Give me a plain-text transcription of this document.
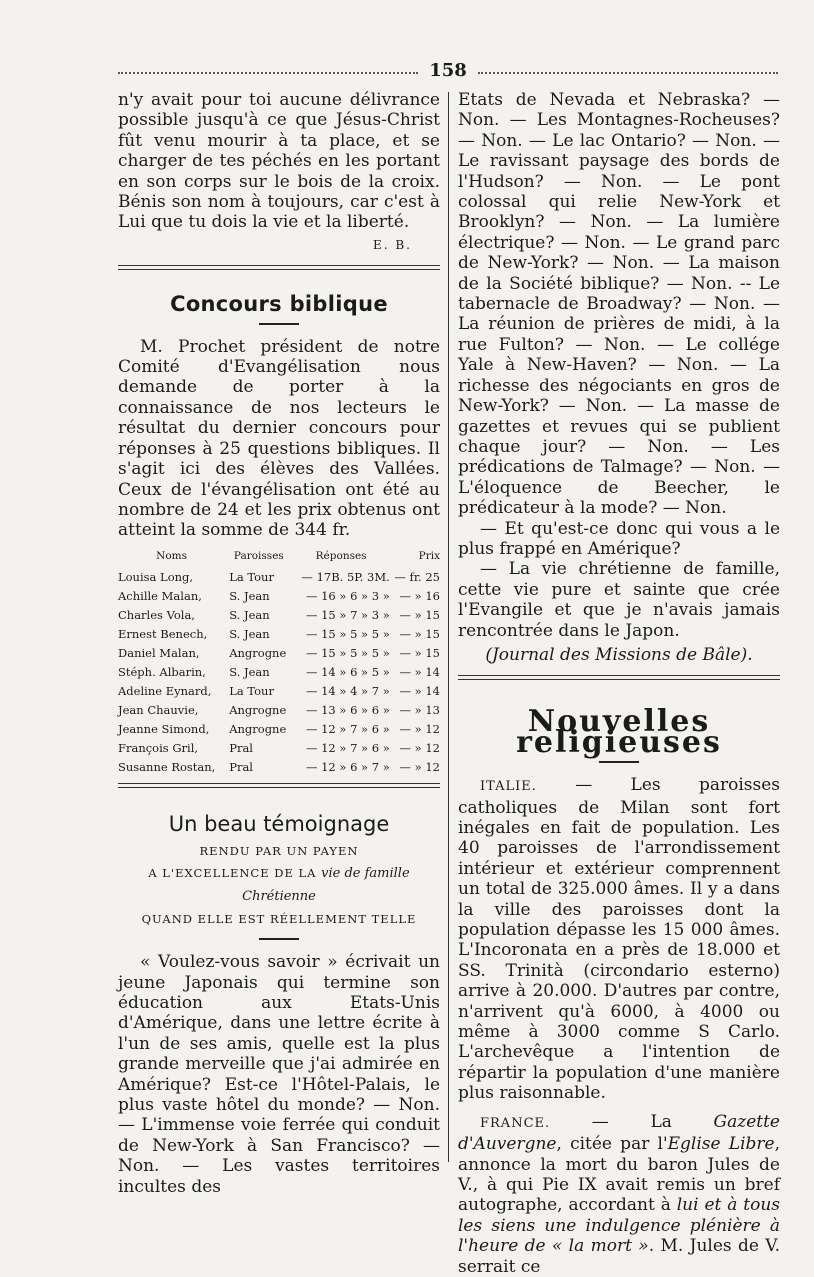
158

n'y avait pour toi aucune délivrance possible jusqu'à ce que Jésus-Christ fût venu mourir à ta place, et se charger de tes péchés en les portant en son corps sur le bois de la croix. Bénis son nom à toujours, car c'est à Lui que tu dois la vie et la liberté.

E. B.
Concours biblique

M. Prochet président de notre Comité d'Evangélisation nous demande de porter à la connaissance de nos lecteurs le résultat du dernier concours pour réponses à 25 questions bibliques. Il s'agit ici des élèves des Vallées. Ceux de l'évangélisation ont été au nombre de 24 et les prix obtenus ont atteint la somme de 344 fr.

Noms	Paroisses	Réponses	Prix
Louisa Long,	La Tour	— 17B. 5P. 3M.	— fr. 25
Achille Malan,	S. Jean	— 16 » 6 » 3 »	— » 16
Charles Vola,	S. Jean	— 15 » 7 » 3 »	— » 15
Ernest Benech,	S. Jean	— 15 » 5 » 5 »	— » 15
Daniel Malan,	Angrogne	— 15 » 5 » 5 »	— » 15
Stéph. Albarin,	S. Jean	— 14 » 6 » 5 »	— » 14
Adeline Eynard,	La Tour	— 14 » 4 » 7 »	— » 14
Jean Chauvie,	Angrogne	— 13 » 6 » 6 »	— » 13
Jeanne Simond,	Angrogne	— 12 » 7 » 6 »	— » 12
François Gril,	Pral	— 12 » 7 » 6 »	— » 12
Susanne Rostan,	Pral	— 12 » 6 » 7 »	— » 12
Un beau témoignage
RENDU PAR UN PAYEN
A L'EXCELLENCE DE LA vie de famille Chrétienne
QUAND ELLE EST RÉELLEMENT TELLE

« Voulez-vous savoir » écrivait un jeune Japonais qui termine son éducation aux Etats-Unis d'Amérique, dans une lettre écrite à l'un de ses amis, quelle est la plus grande merveille que j'ai admirée en Amérique? Est-ce l'Hôtel-Palais, le plus vaste hôtel du monde? — Non. — L'immense voie ferrée qui conduit de New-York à San Francisco? — Non. — Les vastes territoires incultes des

Etats de Nevada et Nebraska? — Non. — Les Montagnes-Rocheuses? — Non. — Le lac Ontario? — Non. — Le ravissant paysage des bords de l'Hudson? — Non. — Le pont colossal qui relie New-York et Brooklyn? — Non. — La lumière électrique? — Non. — Le grand parc de New-York? — Non. — La maison de la Société biblique? — Non. -- Le tabernacle de Broadway? — Non. — La réunion de prières de midi, à la rue Fulton? — Non. — Le collége Yale à New-Haven? — Non. — La richesse des négociants en gros de New-York? — Non. — La masse de gazettes et revues qui se publient chaque jour? — Non. — Les prédications de Talmage? — Non. — L'éloquence de Beecher, le prédicateur à la mode? — Non.

— Et qu'est-ce donc qui vous a le plus frappé en Amérique?

— La vie chrétienne de famille, cette vie pure et sainte que crée l'Evangile et que je n'avais jamais rencontrée dans le Japon.

(Journal des Missions de Bâle).
Nouvelles religieuses

ITALIE. — Les paroisses catholiques de Milan sont fort inégales en fait de population. Les 40 paroisses de l'arrondissement intérieur et extérieur comprennent un total de 325.000 âmes. Il y a dans la ville des paroisses dont la population dépasse les 15 000 âmes. L'Incoronata en a près de 18.000 et SS. Trinità (circondario esterno) arrive à 20.000. D'autres par contre, n'arrivent qu'à 6000, à 4000 ou même à 3000 comme S Carlo. L'archevêque a l'intention de répartir la population d'une manière plus raisonnable.

FRANCE. — La Gazette d'Auvergne, citée par l'Eglise Libre, annonce la mort du baron Jules de V., à qui Pie IX avait remis un bref autographe, accordant à lui et à tous les siens une indulgence plénière à l'heure de « la mort ». M. Jules de V. serrait ce
